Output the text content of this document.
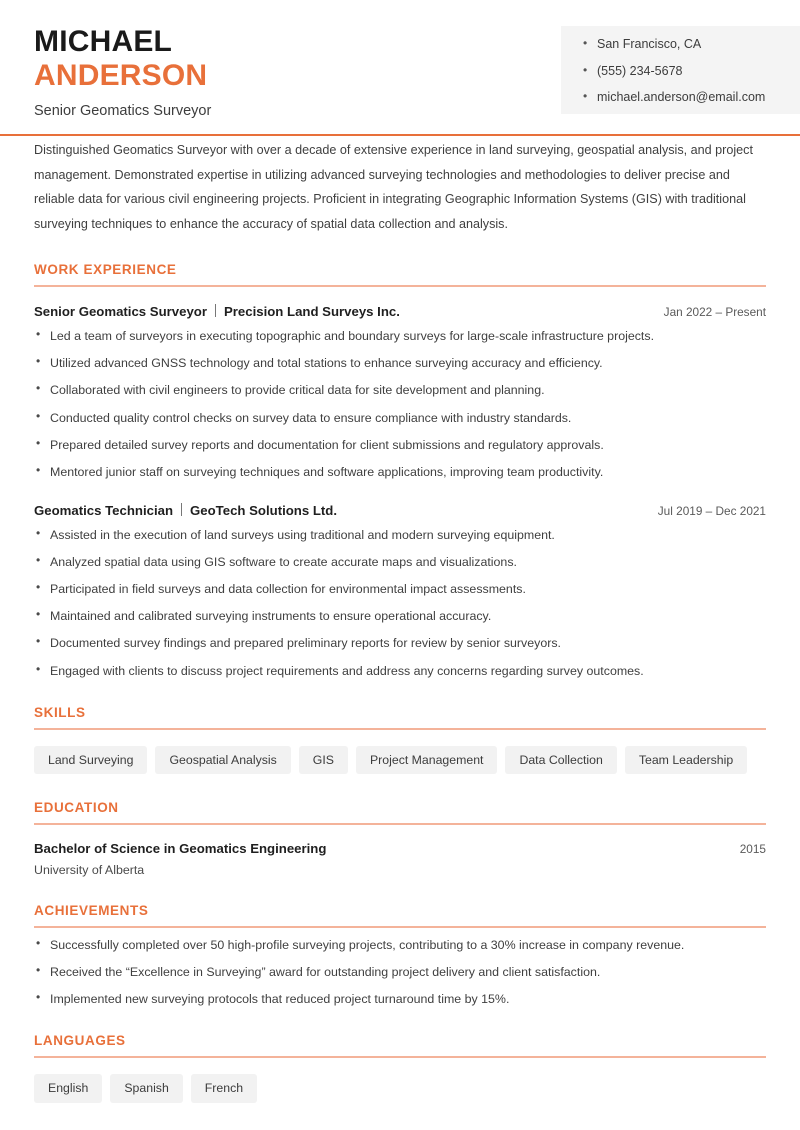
MICHAEL
ANDERSON
Senior Geomatics Surveyor
• San Francisco, CA
• (555) 234-5678
• michael.anderson@email.com

Distinguished Geomatics Surveyor with over a decade of extensive experience in land surveying, geospatial analysis, and project management. Demonstrated expertise in utilizing advanced surveying technologies and methodologies to deliver precise and reliable data for various civil engineering projects. Proficient in integrating Geographic Information Systems (GIS) with traditional surveying techniques to enhance the accuracy of spatial data collection and analysis.

WORK EXPERIENCE
Senior Geomatics Surveyor Precision Land Surveys Inc.	Jan 2022 – Present
• Led a team of surveyors in executing topographic and boundary surveys for large-scale infrastructure projects.
• Utilized advanced GNSS technology and total stations to enhance surveying accuracy and efficiency.
• Collaborated with civil engineers to provide critical data for site development and planning.
• Conducted quality control checks on survey data to ensure compliance with industry standards.
• Prepared detailed survey reports and documentation for client submissions and regulatory approvals.
• Mentored junior staff on surveying techniques and software applications, improving team productivity.
Geomatics Technician GeoTech Solutions Ltd.	Jul 2019 – Dec 2021
• Assisted in the execution of land surveys using traditional and modern surveying equipment.
• Analyzed spatial data using GIS software to create accurate maps and visualizations.
• Participated in field surveys and data collection for environmental impact assessments.
• Maintained and calibrated surveying instruments to ensure operational accuracy.
• Documented survey findings and prepared preliminary reports for review by senior surveyors.
• Engaged with clients to discuss project requirements and address any concerns regarding survey outcomes.
SKILLS
Land Surveying	Geospatial Analysis	GIS	Project Management	Data Collection	Team Leadership
EDUCATION
Bachelor of Science in Geomatics Engineering	2015
University of Alberta
ACHIEVEMENTS
• Successfully completed over 50 high-profile surveying projects, contributing to a 30% increase in company revenue.
• Received the “Excellence in Surveying” award for outstanding project delivery and client satisfaction.
• Implemented new surveying protocols that reduced project turnaround time by 15%.
LANGUAGES
English	Spanish	French
